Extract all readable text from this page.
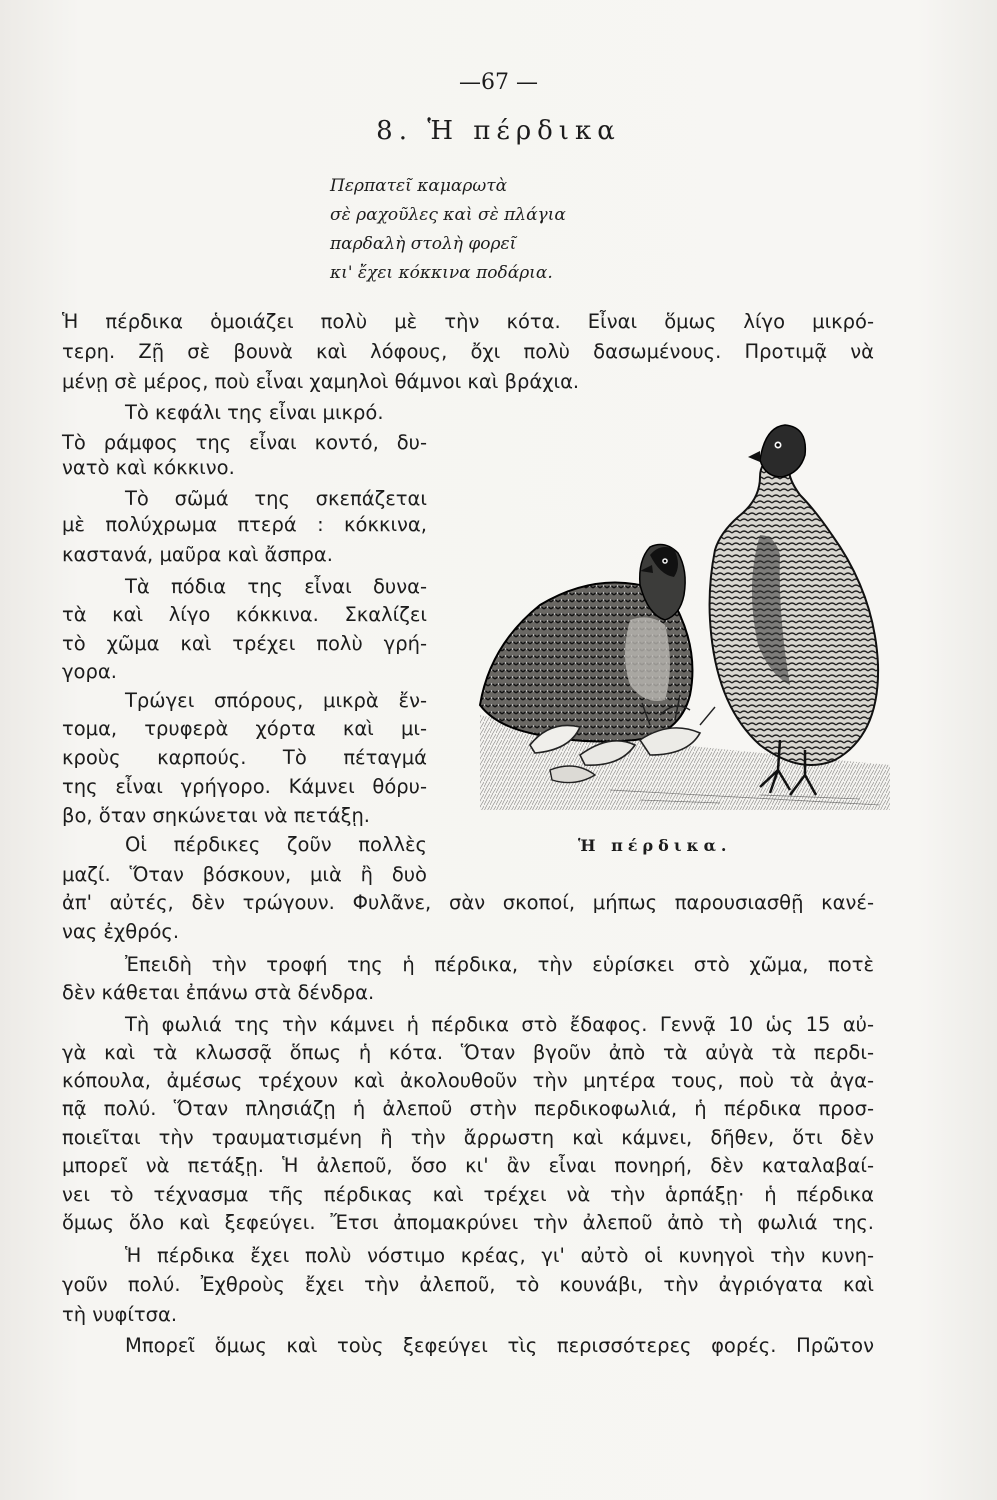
—67 —
8. Ἡ πέρδικα
Περπατεῖ καμαρωτὰ
σὲ ραχοῦλες καὶ σὲ πλάγια
παρδαλὴ στολὴ φορεῖ
κι' ἔχει κόκκινα ποδάρια.
Ἡ πέρδικα ὁμοιάζει πολὺ μὲ τὴν κότα. Εἶναι ὅμως λίγο μικρό-
τερη. Ζῇ σὲ βουνὰ καὶ λόφους, ὄχι πολὺ δασωμένους. Προτιμᾷ νὰ
μένῃ σὲ μέρος, ποὺ εἶναι χαμηλοὶ θάμνοι καὶ βράχια.
Τὸ κεφάλι της εἶναι μικρό.
Τὸ ράμφος της εἶναι κοντό, δυ-
νατὸ καὶ κόκκινο.
Τὸ σῶμά της σκεπάζεται
μὲ πολύχρωμα πτερά : κόκκινα,
καστανά, μαῦρα καὶ ἄσπρα.
Τὰ πόδια της εἶναι δυνα-
τὰ καὶ λίγο κόκκινα. Σκαλίζει
τὸ χῶμα καὶ τρέχει πολὺ γρή-
γορα.
Τρώγει σπόρους, μικρὰ ἔν-
τομα, τρυφερὰ χόρτα καὶ μι-
κροὺς καρπούς. Τὸ πέταγμά
της εἶναι γρήγορο. Κάμνει θόρυ-
βο, ὅταν σηκώνεται νὰ πετάξῃ.
Οἱ πέρδικες ζοῦν πολλὲς
μαζί. Ὅταν βόσκουν, μιὰ ἢ δυὸ
ἀπ' αὐτές, δὲν τρώγουν. Φυλᾶνε, σὰν σκοποί, μήπως παρουσιασθῇ κανέ-
νας ἐχθρός.
Ἐπειδὴ τὴν τροφή της ἡ πέρδικα, τὴν εὑρίσκει στὸ χῶμα, ποτὲ
δὲν κάθεται ἐπάνω στὰ δένδρα.
Τὴ φωλιά της τὴν κάμνει ἡ πέρδικα στὸ ἔδαφος. Γεννᾷ 10 ὡς 15 αὐ-
γὰ καὶ τὰ κλωσσᾷ ὅπως ἡ κότα. Ὅταν βγοῦν ἀπὸ τὰ αὐγὰ τὰ περδι-
κόπουλα, ἀμέσως τρέχουν καὶ ἀκολουθοῦν τὴν μητέρα τους, ποὺ τὰ ἀγα-
πᾷ πολύ. Ὅταν πλησιάζῃ ἡ ἀλεποῦ στὴν περδικοφωλιά, ἡ πέρδικα προσ-
ποιεῖται τὴν τραυματισμένη ἢ τὴν ἄρρωστη καὶ κάμνει, δῆθεν, ὅτι δὲν
μπορεῖ νὰ πετάξῃ. Ἡ ἀλεποῦ, ὅσο κι' ἂν εἶναι πονηρή, δὲν καταλαβαί-
νει τὸ τέχνασμα τῆς πέρδικας καὶ τρέχει νὰ τὴν ἁρπάξῃ· ἡ πέρδικα
ὅμως ὅλο καὶ ξεφεύγει. Ἔτσι ἀπομακρύνει τὴν ἀλεποῦ ἀπὸ τὴ φωλιά της.
Ἡ πέρδικα ἔχει πολὺ νόστιμο κρέας, γι' αὐτὸ οἱ κυνηγοὶ τὴν κυνη-
γοῦν πολύ. Ἐχθροὺς ἔχει τὴν ἀλεποῦ, τὸ κουνάβι, τὴν ἀγριόγατα καὶ
τὴ νυφίτσα.
Μπορεῖ ὅμως καὶ τοὺς ξεφεύγει τὶς περισσότερες φορές. Πρῶτον
Ἡ πέρδικα.
